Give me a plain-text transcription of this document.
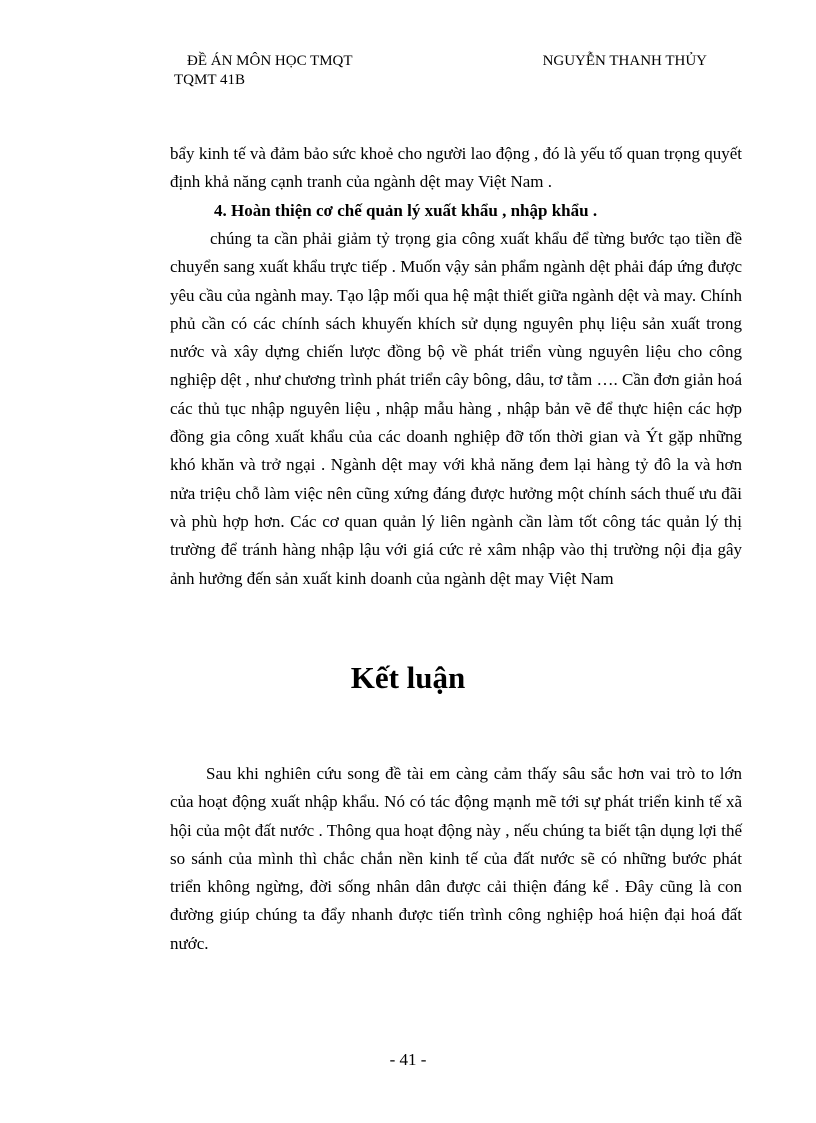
ĐỀ ÁN MÔN HỌC TMQT	NGUYỄN THANH THỦY
TQMT 41B

bẩy kinh tế và đảm bảo sức khoẻ cho người lao động , đó là yếu tố quan trọng quyết định khả năng cạnh tranh của ngành dệt may Việt Nam .

4. Hoàn thiện cơ chế quản lý xuất khẩu , nhập khẩu .

chúng ta cần phải giảm tỷ trọng gia công xuất khẩu để từng bước tạo tiền đề chuyển sang xuất khẩu trực tiếp . Muốn vậy sản phẩm ngành dệt phải đáp ứng được yêu cầu của ngành may. Tạo lập mối qua hệ mật thiết giữa ngành dệt và may. Chính phủ cần có các chính sách khuyến khích sử dụng nguyên phụ liệu sản xuất trong nước và xây dựng chiến lược đồng bộ về phát triển vùng nguyên liệu cho công nghiệp dệt , như chương trình phát triển cây bông, dâu, tơ tằm …. Cần đơn giản hoá các thủ tục nhập nguyên liệu , nhập mẫu hàng , nhập bản vẽ để thực hiện các hợp đồng gia công xuất khẩu của các doanh nghiệp đỡ tốn thời gian và Ýt gặp những khó khăn và trở ngại . Ngành dệt may với khả năng đem lại hàng tỷ đô la và hơn nửa triệu chỗ làm việc nên cũng xứng đáng được hưởng một chính sách thuế ưu đãi và phù hợp hơn. Các cơ quan quản lý liên ngành cần làm tốt công tác quản lý thị trường để tránh hàng nhập lậu với giá cức rẻ xâm nhập vào thị trường nội địa gây ảnh hưởng đến sản xuất kinh doanh của ngành dệt may Việt Nam

Kết luận

Sau khi nghiên cứu song đề tài em càng cảm thấy sâu sắc hơn vai trò to lớn của hoạt động xuất nhập khẩu. Nó có tác động mạnh mẽ tới sự phát triển kinh tế xã hội của một đất nước . Thông qua hoạt động này , nếu chúng ta biết tận dụng lợi thế so sánh của mình thì chắc chắn nền kinh tế của đất nước sẽ có những bước phát triển không ngừng, đời sống nhân dân được cải thiện đáng kể . Đây cũng là con đường giúp chúng ta đẩy nhanh được tiến trình công nghiệp hoá hiện đại hoá đất nước.

- 41 -
